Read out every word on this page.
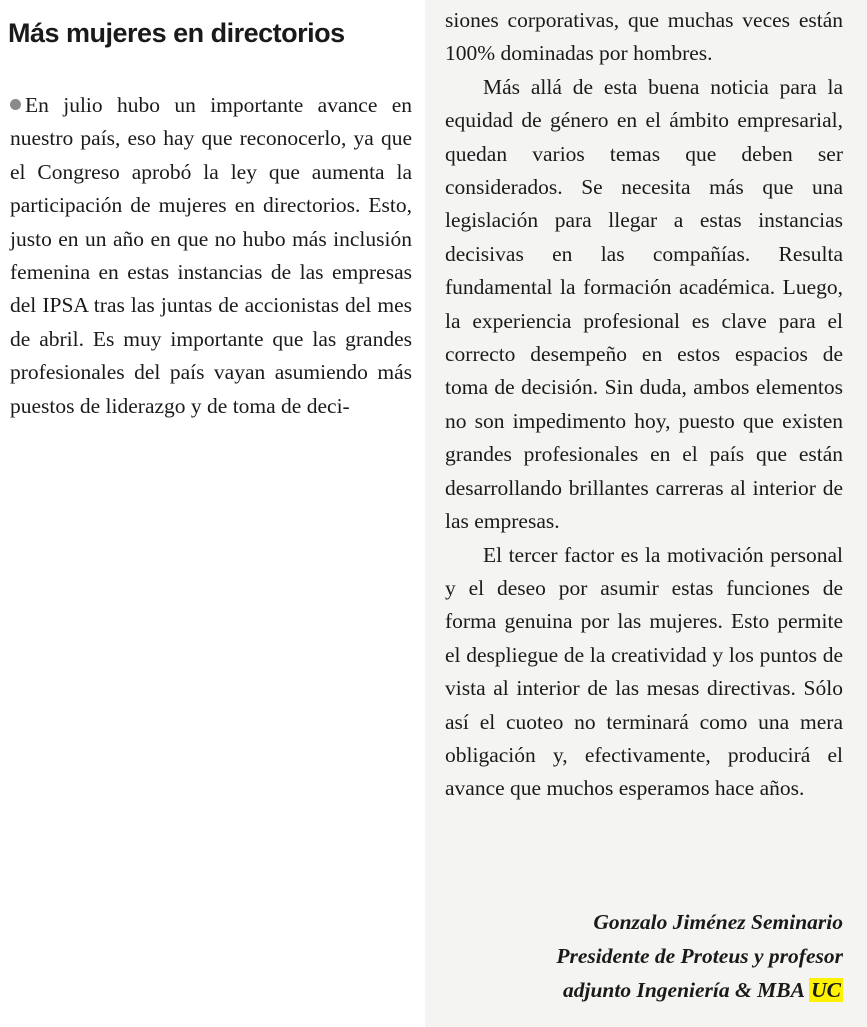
Más mujeres en directorios

En julio hubo un importante avance en nuestro país, eso hay que reconocerlo, ya que el Congreso aprobó la ley que aumenta la participación de mujeres en directorios. Esto, justo en un año en que no hubo más inclusión femenina en estas instancias de las empresas del IPSA tras las juntas de accionistas del mes de abril. Es muy importante que las grandes profesionales del país vayan asumiendo más puestos de liderazgo y de toma de deci-

siones corporativas, que muchas veces están 100% dominadas por hombres.

Más allá de esta buena noticia para la equidad de género en el ámbito empresarial, quedan varios temas que deben ser considerados. Se necesita más que una legislación para llegar a estas instancias decisivas en las compañías. Resulta fundamental la formación académica. Luego, la experiencia profesional es clave para el correcto desempeño en estos espacios de toma de decisión. Sin duda, ambos elementos no son impedimento hoy, puesto que existen grandes profesionales en el país que están desarrollando brillantes carreras al interior de las empresas.

El tercer factor es la motivación personal y el deseo por asumir estas funciones de forma genuina por las mujeres. Esto permite el despliegue de la creatividad y los puntos de vista al interior de las mesas directivas. Sólo así el cuoteo no terminará como una mera obligación y, efectivamente, producirá el avance que muchos esperamos hace años.

Gonzalo Jiménez Seminario
Presidente de Proteus y profesor
adjunto Ingeniería & MBA UC
